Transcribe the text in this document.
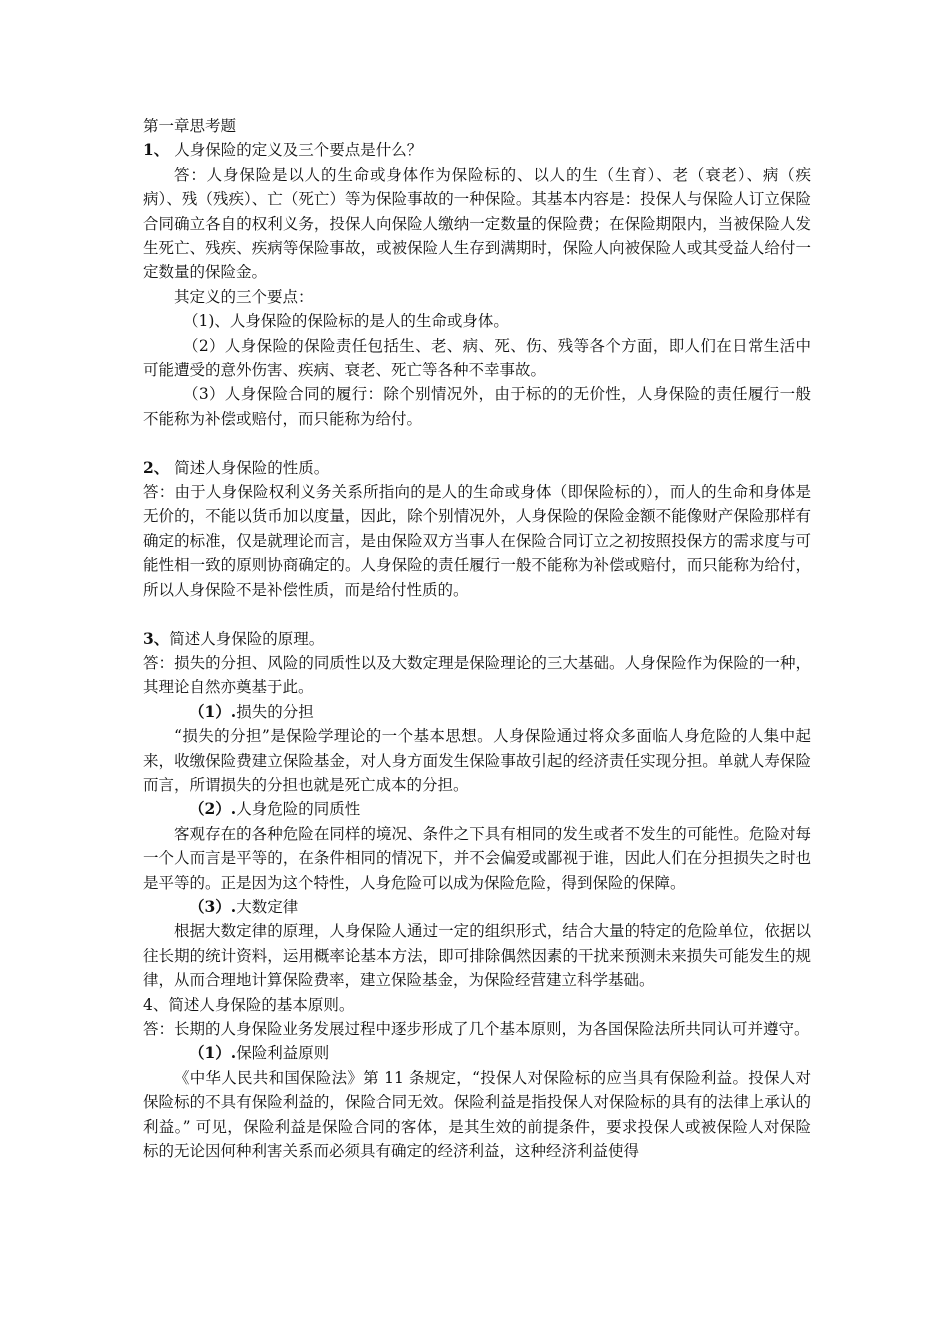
第一章思考题

1、 人身保险的定义及三个要点是什么？

答：人身保险是以人的生命或身体作为保险标的、以人的生（生育）、老（衰老）、病（疾病）、残（残疾）、亡（死亡）等为保险事故的一种保险。其基本内容是：投保人与保险人订立保险合同确立各自的权利义务，投保人向保险人缴纳一定数量的保险费；在保险期限内，当被保险人发生死亡、残疾、疾病等保险事故，或被保险人生存到满期时，保险人向被保险人或其受益人给付一定数量的保险金。

其定义的三个要点：

（1)、人身保险的保险标的是人的生命或身体。

（2）人身保险的保险责任包括生、老、病、死、伤、残等各个方面，即人们在日常生活中可能遭受的意外伤害、疾病、衰老、死亡等各种不幸事故。

（3）人身保险合同的履行：除个别情况外，由于标的的无价性，人身保险的责任履行一般不能称为补偿或赔付，而只能称为给付。

2、 简述人身保险的性质。

答：由于人身保险权利义务关系所指向的是人的生命或身体（即保险标的），而人的生命和身体是无价的，不能以货币加以度量，因此，除个别情况外，人身保险的保险金额不能像财产保险那样有确定的标准，仅是就理论而言，是由保险双方当事人在保险合同订立之初按照投保方的需求度与可能性相一致的原则协商确定的。人身保险的责任履行一般不能称为补偿或赔付，而只能称为给付，所以人身保险不是补偿性质，而是给付性质的。

3、简述人身保险的原理。

答：损失的分担、风险的同质性以及大数定理是保险理论的三大基础。人身保险作为保险的一种，其理论自然亦奠基于此。

（1）.损失的分担

“损失的分担”是保险学理论的一个基本思想。人身保险通过将众多面临人身危险的人集中起来，收缴保险费建立保险基金，对人身方面发生保险事故引起的经济责任实现分担。单就人寿保险而言，所谓损失的分担也就是死亡成本的分担。

（2）.人身危险的同质性

客观存在的各种危险在同样的境况、条件之下具有相同的发生或者不发生的可能性。危险对每一个人而言是平等的，在条件相同的情况下，并不会偏爱或鄙视于谁，因此人们在分担损失之时也是平等的。正是因为这个特性，人身危险可以成为保险危险，得到保险的保障。

（3）.大数定律

根据大数定律的原理，人身保险人通过一定的组织形式，结合大量的特定的危险单位，依据以往长期的统计资料，运用概率论基本方法，即可排除偶然因素的干扰来预测未来损失可能发生的规律，从而合理地计算保险费率，建立保险基金，为保险经营建立科学基础。

4、简述人身保险的基本原则。

答：长期的人身保险业务发展过程中逐步形成了几个基本原则，为各国保险法所共同认可并遵守。

（1）.保险利益原则

《中华人民共和国保险法》第 11 条规定，“投保人对保险标的应当具有保险利益。投保人对保险标的不具有保险利益的，保险合同无效。保险利益是指投保人对保险标的具有的法律上承认的利益。” 可见，保险利益是保险合同的客体，是其生效的前提条件，要求投保人或被保险人对保险标的无论因何种利害关系而必须具有确定的经济利益，这种经济利益使得
